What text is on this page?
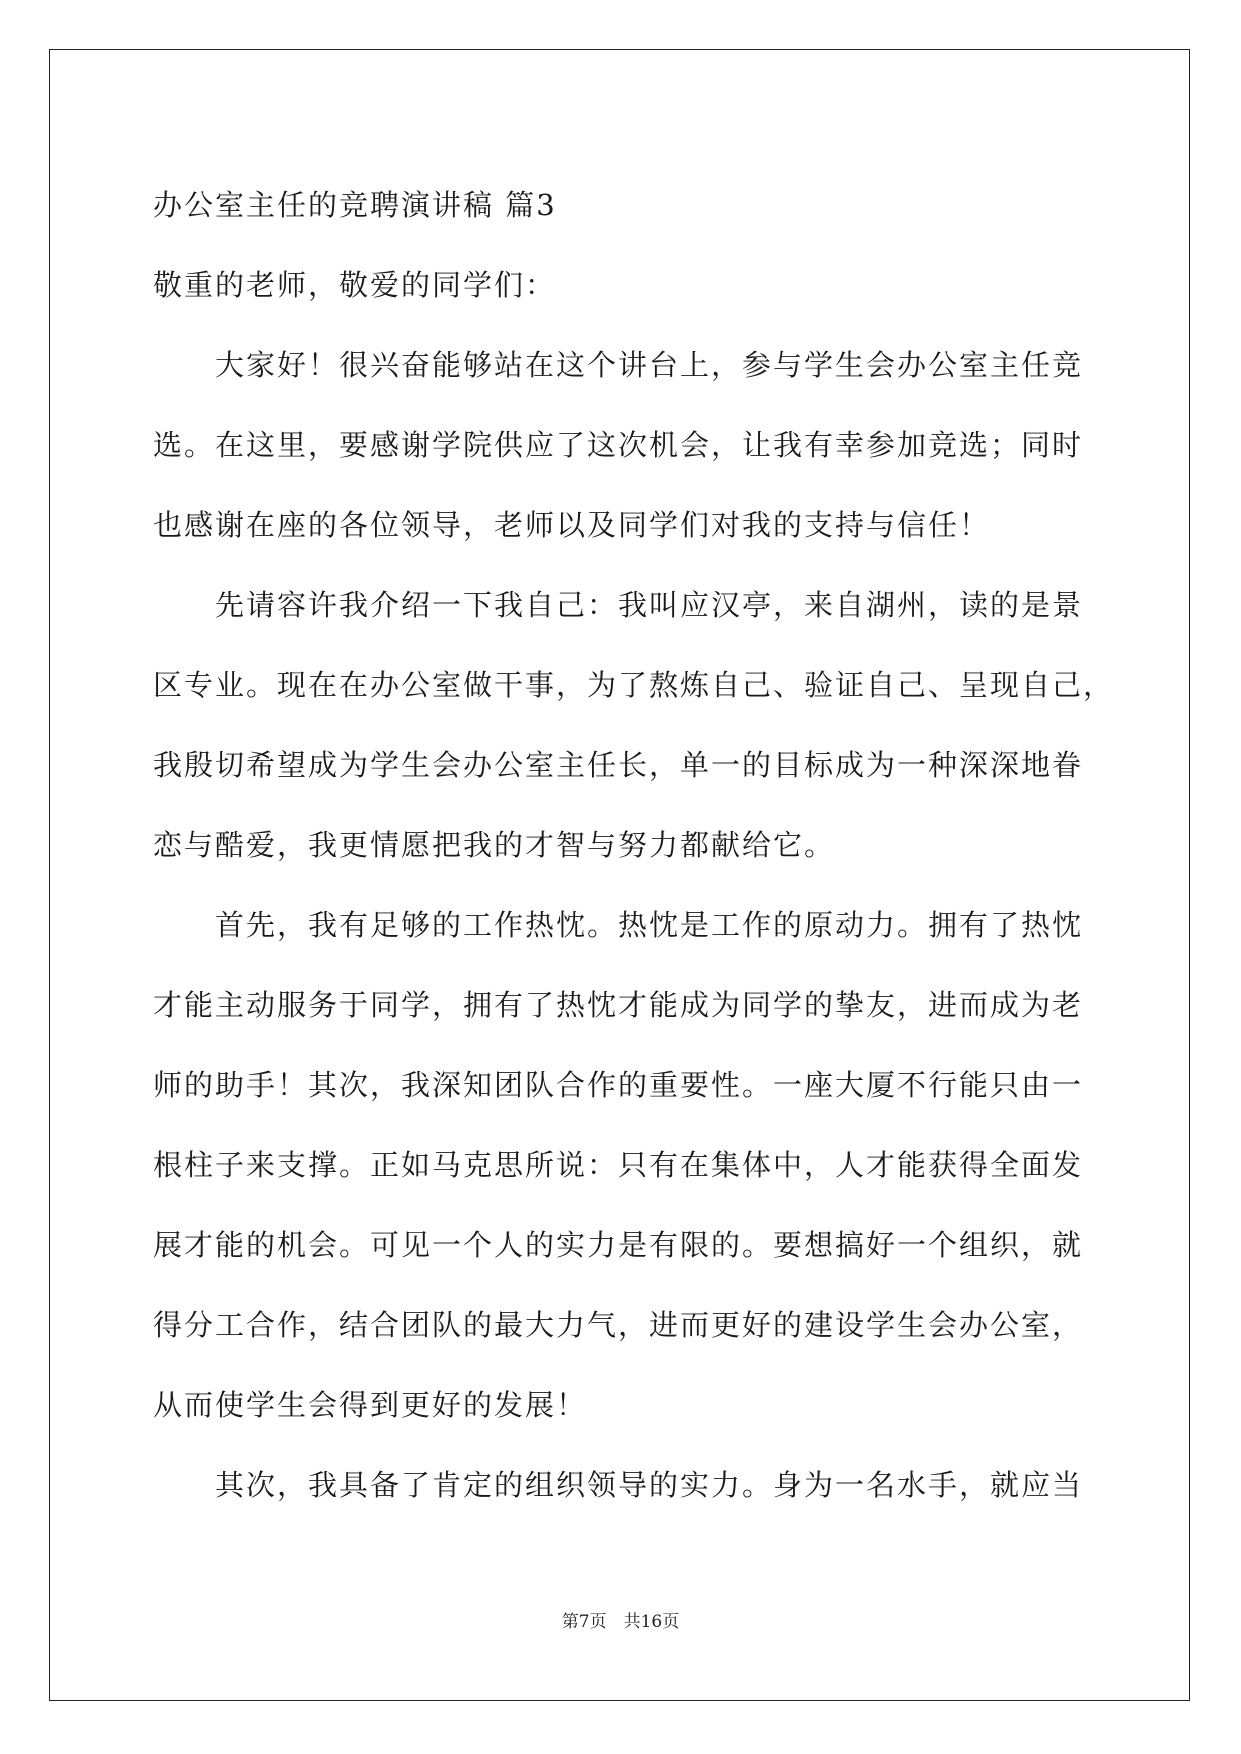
办公室主任的竞聘演讲稿 篇3
敬重的老师，敬爱的同学们：
大家好！很兴奋能够站在这个讲台上，参与学生会办公室主任竞
选。在这里，要感谢学院供应了这次机会，让我有幸参加竞选；同时
也感谢在座的各位领导，老师以及同学们对我的支持与信任！
先请容许我介绍一下我自己：我叫应汉亭，来自湖州，读的是景
区专业。现在在办公室做干事，为了熬炼自己、验证自己、呈现自己，
我殷切希望成为学生会办公室主任长，单一的目标成为一种深深地眷
恋与酷爱，我更情愿把我的才智与努力都献给它。
首先，我有足够的工作热忱。热忱是工作的原动力。拥有了热忱
才能主动服务于同学，拥有了热忱才能成为同学的挚友，进而成为老
师的助手！其次，我深知团队合作的重要性。一座大厦不行能只由一
根柱子来支撑。正如马克思所说：只有在集体中，人才能获得全面发
展才能的机会。可见一个人的实力是有限的。要想搞好一个组织，就
得分工合作，结合团队的最大力气，进而更好的建设学生会办公室，
从而使学生会得到更好的发展！
其次，我具备了肯定的组织领导的实力。身为一名水手，就应当
第7页　共16页
